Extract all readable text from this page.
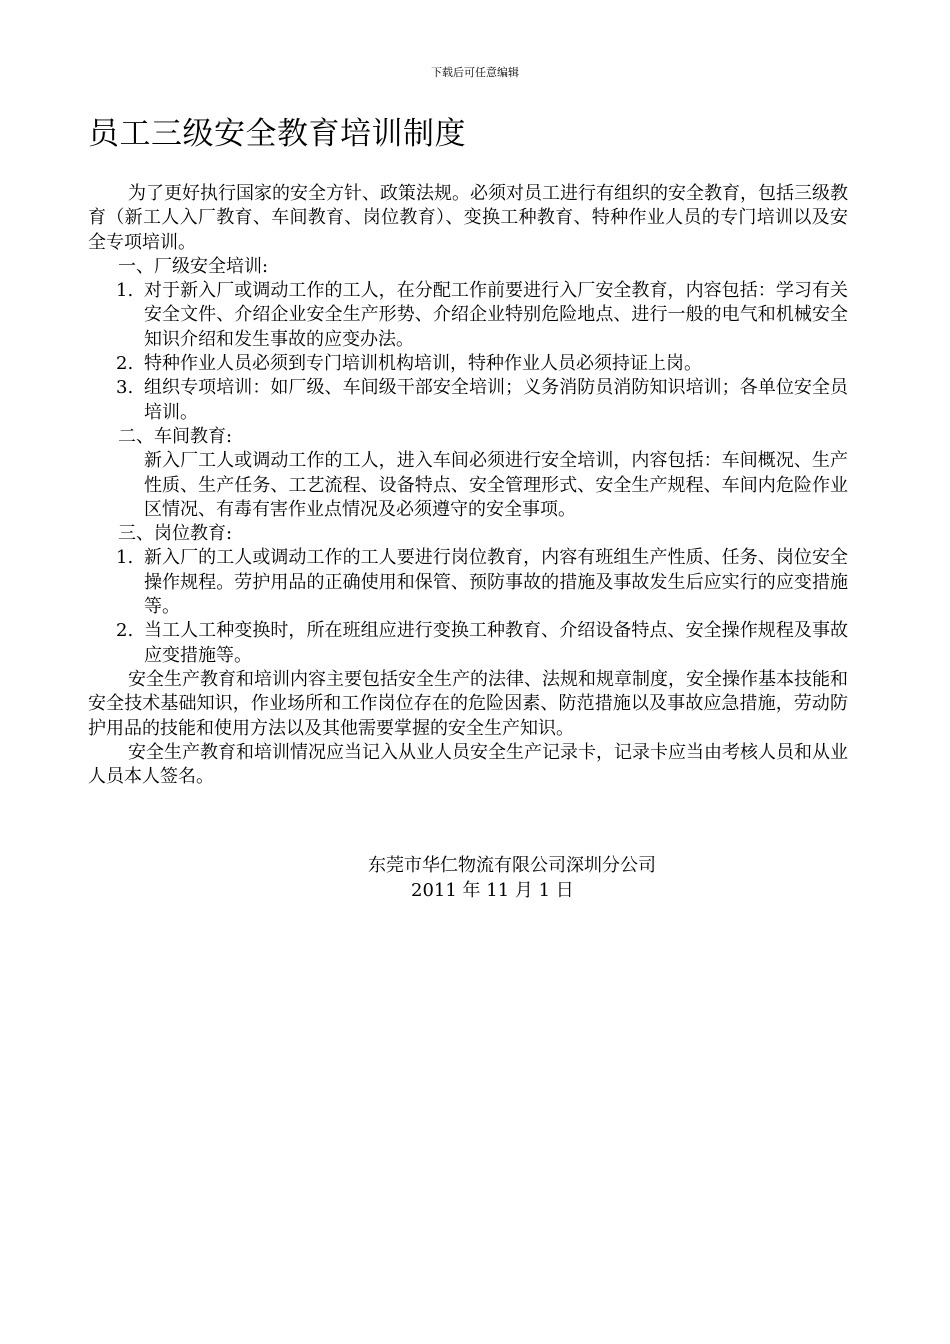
下载后可任意编辑
员工三级安全教育培训制度

为了更好执行国家的安全方针、政策法规。必须对员工进行有组织的安全教育，包括三级教育（新工人入厂教育、车间教育、岗位教育）、变换工种教育、特种作业人员的专门培训以及安全专项培训。

一、厂级安全培训:

1. 对于新入厂或调动工作的工人，在分配工作前要进行入厂安全教育，内容包括：学习有关安全文件、介绍企业安全生产形势、介绍企业特别危险地点、进行一般的电气和机械安全知识介绍和发生事故的应变办法。
2. 特种作业人员必须到专门培训机构培训，特种作业人员必须持证上岗。
3. 组织专项培训：如厂级、车间级干部安全培训；义务消防员消防知识培训；各单位安全员培训。

二、车间教育:

新入厂工人或调动工作的工人，进入车间必须进行安全培训，内容包括：车间概况、生产性质、生产任务、工艺流程、设备特点、安全管理形式、安全生产规程、车间内危险作业区情况、有毒有害作业点情况及必须遵守的安全事项。

三、岗位教育:

1. 新入厂的工人或调动工作的工人要进行岗位教育，内容有班组生产性质、任务、岗位安全操作规程。劳护用品的正确使用和保管、预防事故的措施及事故发生后应实行的应变措施等。
2. 当工人工种变换时，所在班组应进行变换工种教育、介绍设备特点、安全操作规程及事故应变措施等。

安全生产教育和培训内容主要包括安全生产的法律、法规和规章制度，安全操作基本技能和安全技术基础知识，作业场所和工作岗位存在的危险因素、防范措施以及事故应急措施，劳动防护用品的技能和使用方法以及其他需要掌握的安全生产知识。

安全生产教育和培训情况应当记入从业人员安全生产记录卡，记录卡应当由考核人员和从业人员本人签名。

东莞市华仁物流有限公司深圳分公司
2011 年 11 月 1 日
